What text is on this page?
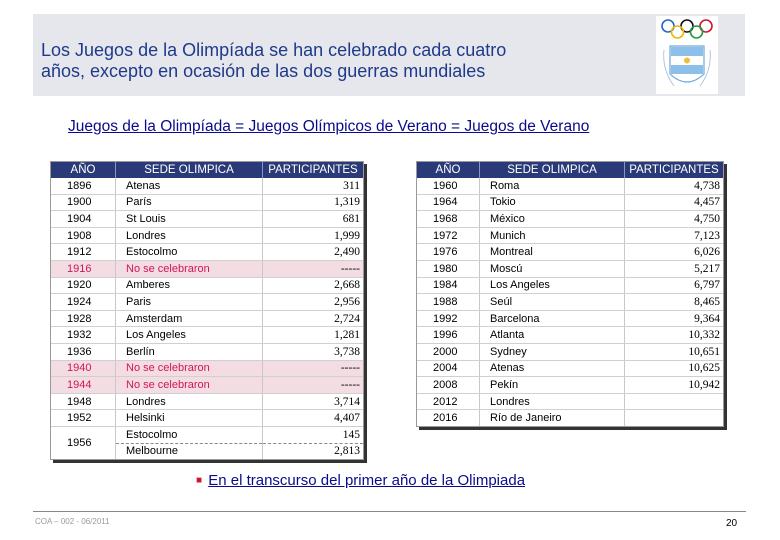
Los Juegos de la Olimpíada se han celebrado cada cuatro
años, excepto en ocasión de las dos guerras mundiales
Juegos de la Olimpíada = Juegos Olímpicos de Verano = Juegos de Verano
AÑO	SEDE OLIMPICA	PARTICIPANTES
1896	Atenas	311
1900	París	1,319
1904	St Louis	681
1908	Londres	1,999
1912	Estocolmo	2,490
1916	No se celebraron	-----
1920	Amberes	2,668
1924	Paris	2,956
1928	Amsterdam	2,724
1932	Los Angeles	1,281
1936	Berlín	3,738
1940	No se celebraron	-----
1944	No se celebraron	-----
1948	Londres	3,714
1952	Helsinki	4,407
1956	Estocolmo	145
	Melbourne	2,813
AÑO	SEDE OLIMPICA	PARTICIPANTES
1960	Roma	4,738
1964	Tokio	4,457
1968	México	4,750
1972	Munich	7,123
1976	Montreal	6,026
1980	Moscú	5,217
1984	Los Angeles	6,797
1988	Seúl	8,465
1992	Barcelona	9,364
1996	Atlanta	10,332
2000	Sydney	10,651
2004	Atenas	10,625
2008	Pekín	10,942
2012	Londres	
2016	Río de Janeiro	
■ En el transcurso del primer año de la Olimpiada
COA – 002 - 06/2011	20
